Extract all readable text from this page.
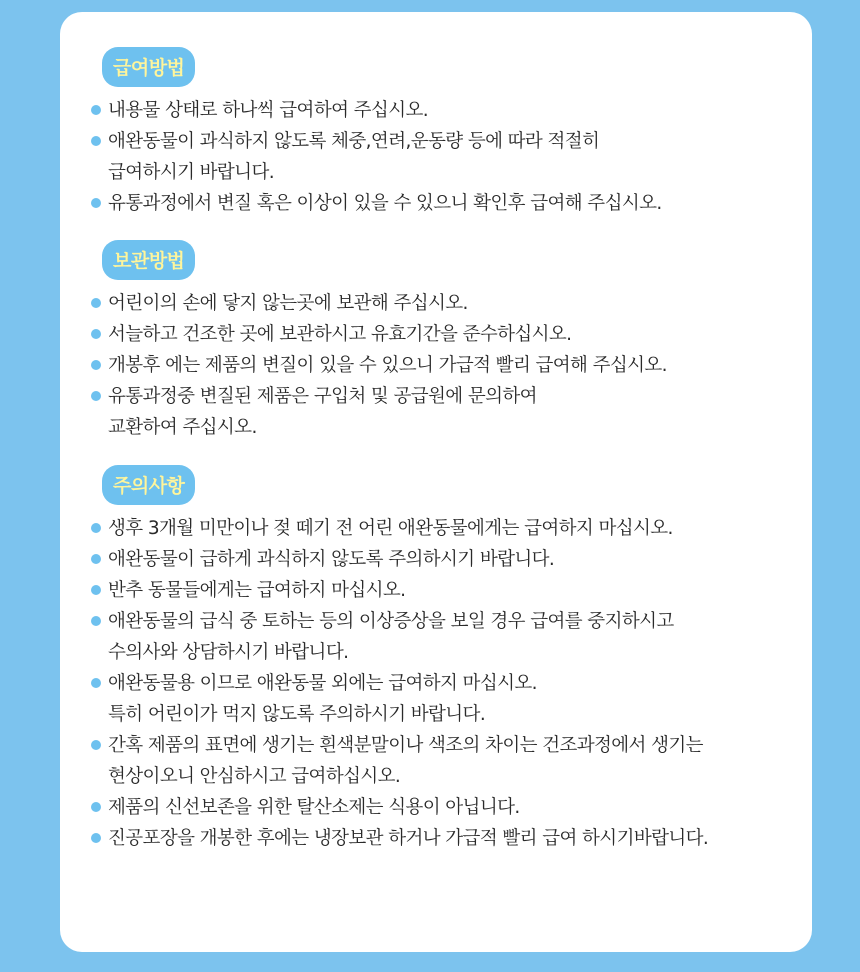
급여방법
내용물 상태로 하나씩 급여하여 주십시오.
애완동물이 과식하지 않도록 체중,연려,운동량 등에 따라 적절히
급여하시기 바랍니다.
유통과정에서 변질 혹은 이상이 있을 수 있으니 확인후 급여해 주십시오.
보관방법
어린이의 손에 닿지 않는곳에 보관해 주십시오.
서늘하고 건조한 곳에 보관하시고 유효기간을 준수하십시오.
개봉후 에는 제품의 변질이 있을 수 있으니 가급적 빨리 급여해 주십시오.
유통과정중 변질된 제품은 구입처 및 공급원에 문의하여
교환하여 주십시오.
주의사항
생후 3개월 미만이나 젖 떼기 전 어린 애완동물에게는 급여하지 마십시오.
애완동물이 급하게 과식하지 않도록 주의하시기 바랍니다.
반추 동물들에게는 급여하지 마십시오.
애완동물의 급식 중 토하는 등의 이상증상을 보일 경우 급여를 중지하시고
수의사와 상담하시기 바랍니다.
애완동물용 이므로 애완동물 외에는 급여하지 마십시오.
특히 어린이가 먹지 않도록 주의하시기 바랍니다.
간혹 제품의 표면에 생기는 흰색분말이나 색조의 차이는 건조과정에서 생기는
현상이오니 안심하시고 급여하십시오.
제품의 신선보존을 위한 탈산소제는 식용이 아닙니다.
진공포장을 개봉한 후에는 냉장보관 하거나 가급적 빨리 급여 하시기바랍니다.
